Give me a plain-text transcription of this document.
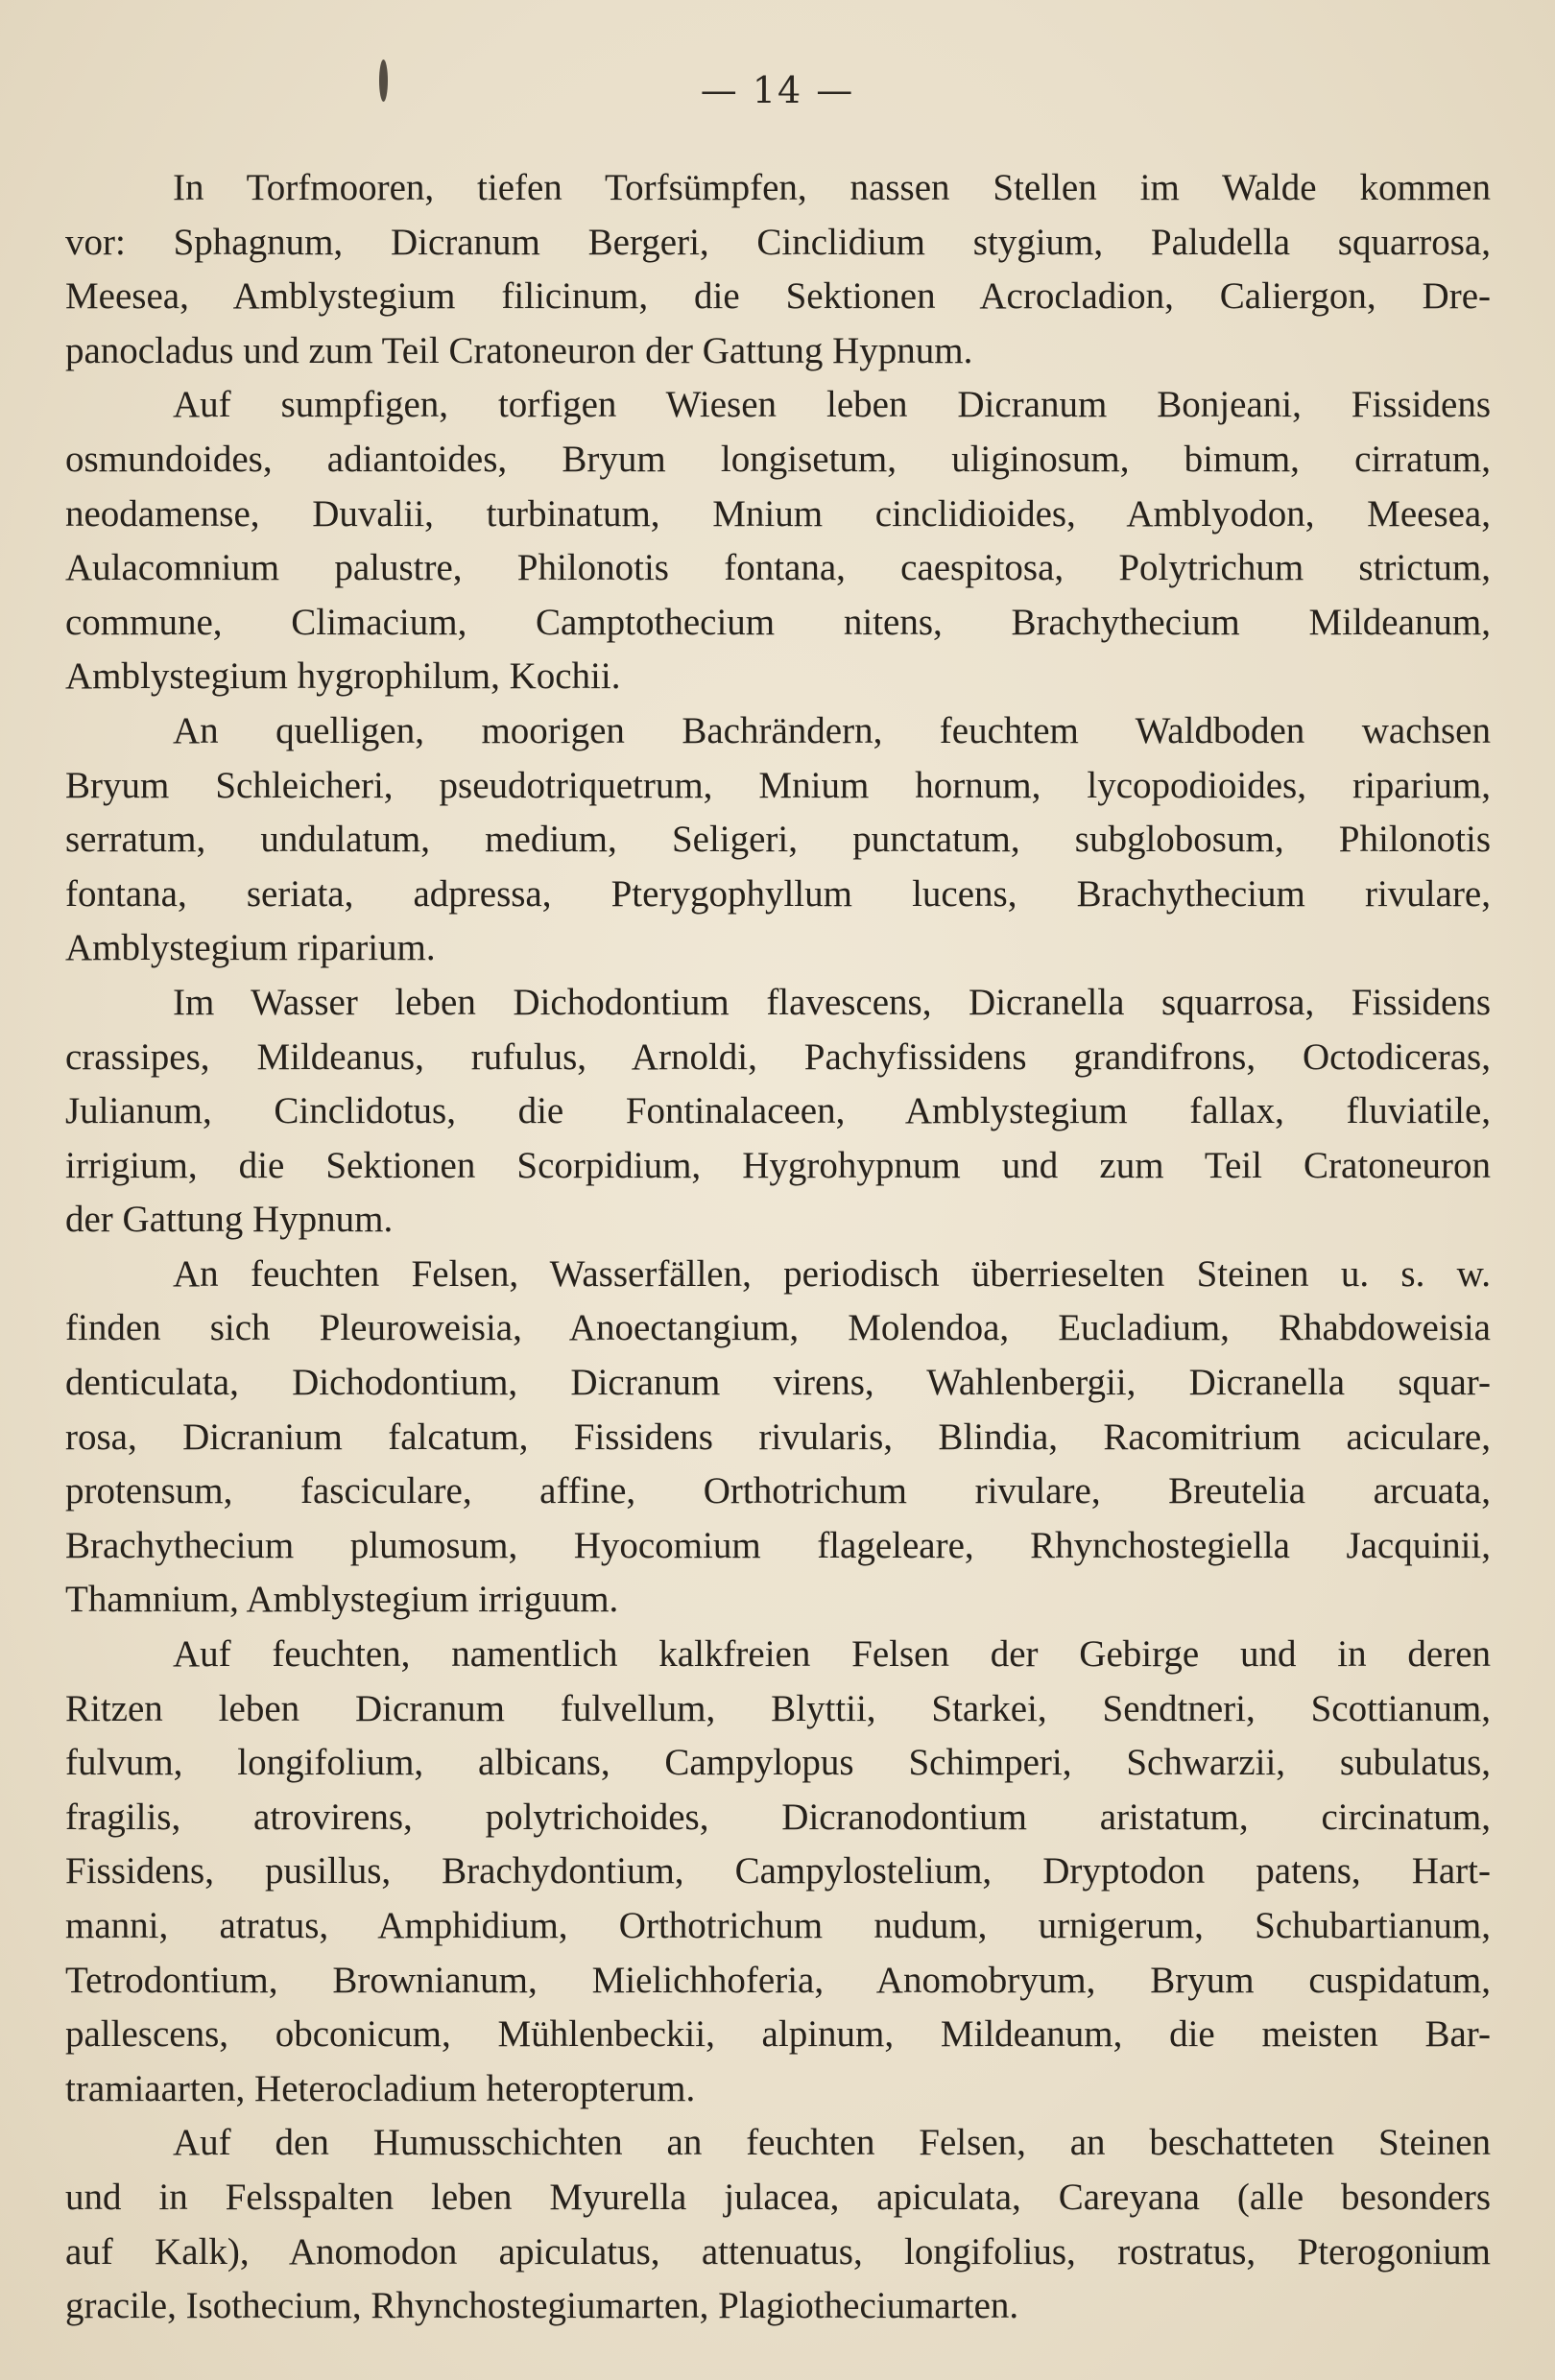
— 14 —
In Torfmooren, tiefen Torfsümpfen, nassen Stellen im Walde kommen
vor: Sphagnum, Dicranum Bergeri, Cinclidium stygium, Paludella squarrosa,
Meesea, Amblystegium filicinum, die Sektionen Acrocladion, Caliergon, Dre-
panocladus und zum Teil Cratoneuron der Gattung Hypnum.
Auf sumpfigen, torfigen Wiesen leben Dicranum Bonjeani, Fissidens
osmundoides, adiantoides, Bryum longisetum, uliginosum, bimum, cirratum,
neodamense, Duvalii, turbinatum, Mnium cinclidioides, Amblyodon, Meesea,
Aulacomnium palustre, Philonotis fontana, caespitosa, Polytrichum strictum,
commune, Climacium, Camptothecium nitens, Brachythecium Mildeanum,
Amblystegium hygrophilum, Kochii.
An quelligen, moorigen Bachrändern, feuchtem Waldboden wachsen
Bryum Schleicheri, pseudotriquetrum, Mnium hornum, lycopodioides, riparium,
serratum, undulatum, medium, Seligeri, punctatum, subglobosum, Philonotis
fontana, seriata, adpressa, Pterygophyllum lucens, Brachythecium rivulare,
Amblystegium riparium.
Im Wasser leben Dichodontium flavescens, Dicranella squarrosa, Fissidens
crassipes, Mildeanus, rufulus, Arnoldi, Pachyfissidens grandifrons, Octodiceras,
Julianum, Cinclidotus, die Fontinalaceen, Amblystegium fallax, fluviatile,
irrigium, die Sektionen Scorpidium, Hygrohypnum und zum Teil Cratoneuron
der Gattung Hypnum.
An feuchten Felsen, Wasserfällen, periodisch überrieselten Steinen u. s. w.
finden sich Pleuroweisia, Anoectangium, Molendoa, Eucladium, Rhabdoweisia
denticulata, Dichodontium, Dicranum virens, Wahlenbergii, Dicranella squar-
rosa, Dicranium falcatum, Fissidens rivularis, Blindia, Racomitrium aciculare,
protensum, fasciculare, affine, Orthotrichum rivulare, Breutelia arcuata,
Brachythecium plumosum, Hyocomium flageleare, Rhynchostegiella Jacquinii,
Thamnium, Amblystegium irriguum.
Auf feuchten, namentlich kalkfreien Felsen der Gebirge und in deren
Ritzen leben Dicranum fulvellum, Blyttii, Starkei, Sendtneri, Scottianum,
fulvum, longifolium, albicans, Campylopus Schimperi, Schwarzii, subulatus,
fragilis, atrovirens, polytrichoides, Dicranodontium aristatum, circinatum,
Fissidens, pusillus, Brachydontium, Campylostelium, Dryptodon patens, Hart-
manni, atratus, Amphidium, Orthotrichum nudum, urnigerum, Schubartianum,
Tetrodontium, Brownianum, Mielichhoferia, Anomobryum, Bryum cuspidatum,
pallescens, obconicum, Mühlenbeckii, alpinum, Mildeanum, die meisten Bar-
tramiaarten, Heterocladium heteropterum.
Auf den Humusschichten an feuchten Felsen, an beschatteten Steinen
und in Felsspalten leben Myurella julacea, apiculata, Careyana (alle besonders
auf Kalk), Anomodon apiculatus, attenuatus, longifolius, rostratus, Pterogonium
gracile, Isothecium, Rhynchostegiumarten, Plagiotheciumarten.
